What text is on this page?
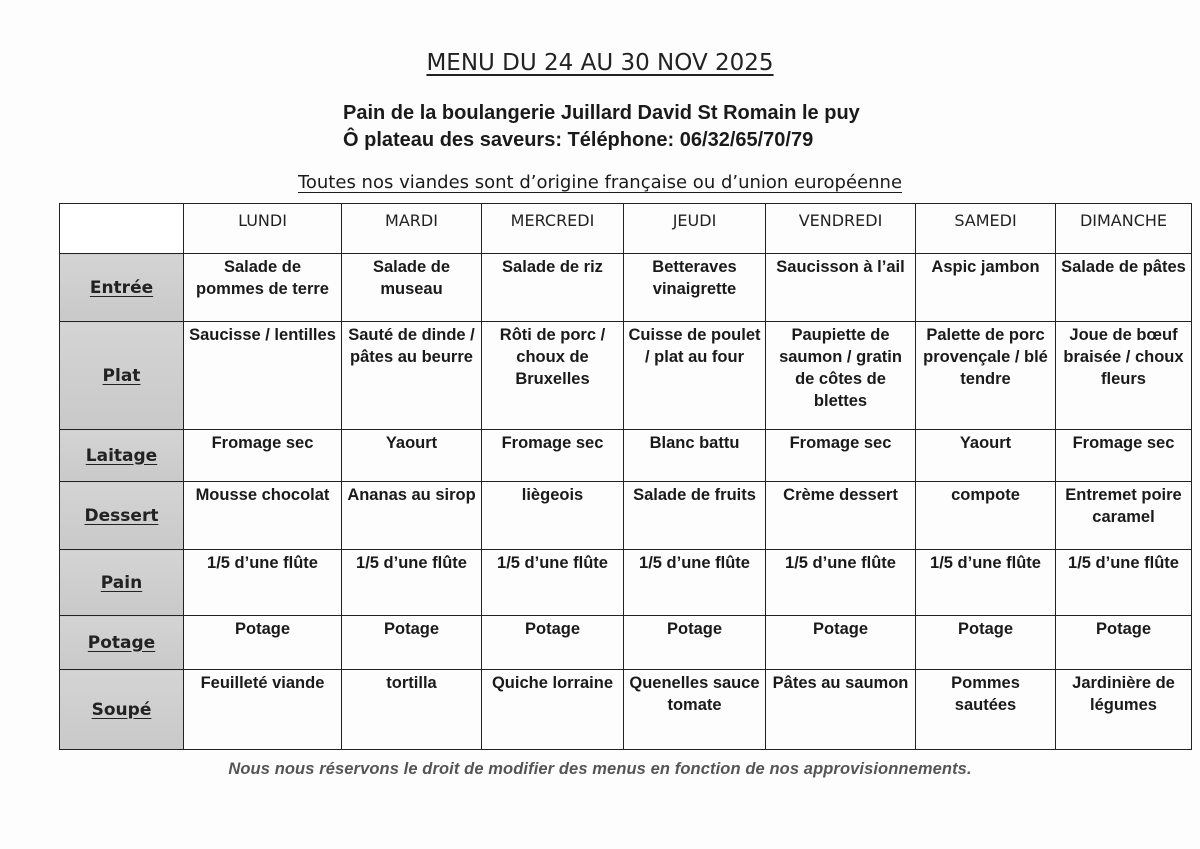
MENU DU 24 AU 30 NOV 2025
Pain de la boulangerie Juillard David St Romain le puy
Ô plateau des saveurs: Téléphone: 06/32/65/70/79
Toutes nos viandes sont d’origine française ou d’union européenne
	LUNDI	MARDI	MERCREDI	JEUDI	VENDREDI	SAMEDI	DIMANCHE
Entrée	Salade de pommes de terre	Salade de museau	Salade de riz	Betteraves vinaigrette	Saucisson à l’ail	Aspic jambon	Salade de pâtes
Plat	Saucisse / lentilles	Sauté de dinde / pâtes au beurre	Rôti de porc / choux de Bruxelles	Cuisse de poulet / plat au four	Paupiette de saumon / gratin de côtes de blettes	Palette de porc provençale / blé tendre	Joue de bœuf braisée / choux fleurs
Laitage	Fromage sec	Yaourt	Fromage sec	Blanc battu	Fromage sec	Yaourt	Fromage sec
Dessert	Mousse chocolat	Ananas au sirop	liègeois	Salade de fruits	Crème dessert	compote	Entremet poire caramel
Pain	1/5 d’une flûte	1/5 d’une flûte	1/5 d’une flûte	1/5 d’une flûte	1/5 d’une flûte	1/5 d’une flûte	1/5 d’une flûte
Potage	Potage	Potage	Potage	Potage	Potage	Potage	Potage
Soupé	Feuilleté viande	tortilla	Quiche lorraine	Quenelles sauce tomate	Pâtes au saumon	Pommes sautées	Jardinière de légumes
Nous nous réservons le droit de modifier des menus en fonction de nos approvisionnements.
